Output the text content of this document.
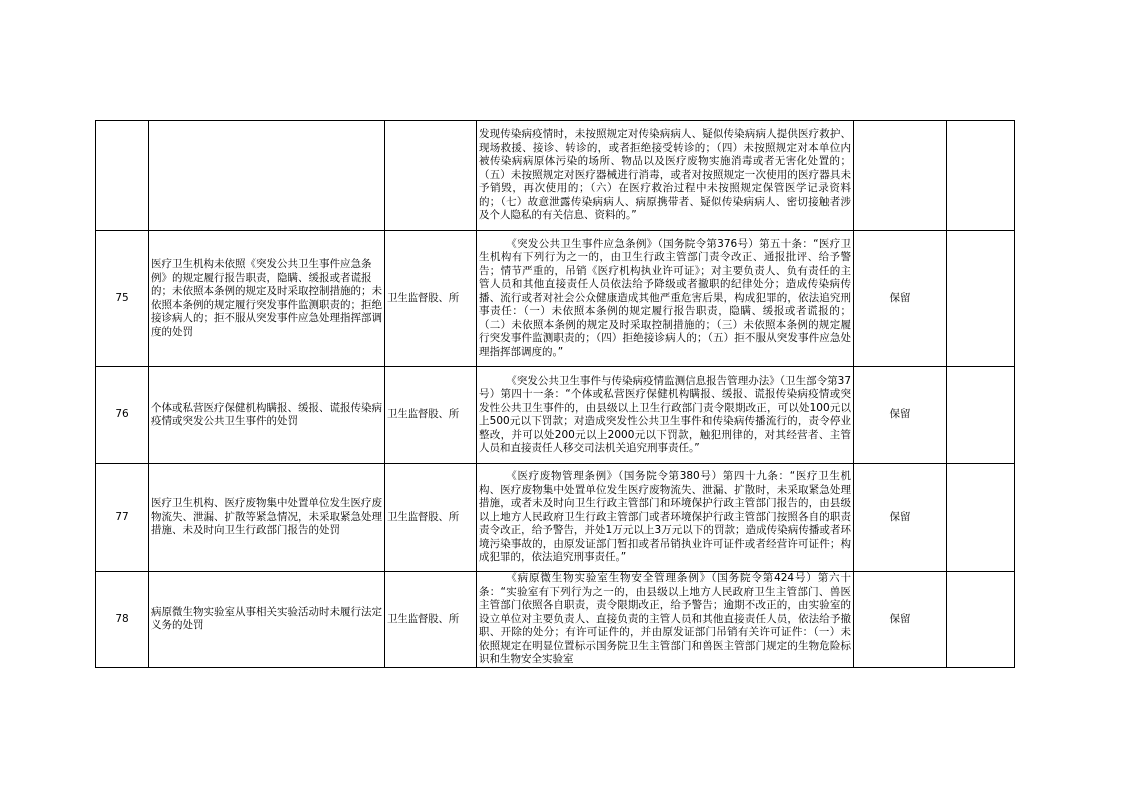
			发现传染病疫情时，未按照规定对传染病病人、疑似传染病病人提供医疗救护、现场救援、接诊、转诊的，或者拒绝接受转诊的；（四）未按照规定对本单位内被传染病病原体污染的场所、物品以及医疗废物实施消毒或者无害化处置的；（五）未按照规定对医疗器械进行消毒，或者对按照规定一次使用的医疗器具未予销毁，再次使用的；（六）在医疗救治过程中未按照规定保管医学记录资料的；（七）故意泄露传染病病人、病原携带者、疑似传染病病人、密切接触者涉及个人隐私的有关信息、资料的。”		

75	医疗卫生机构未依照《突发公共卫生事件应急条例》的规定履行报告职责，隐瞒、缓报或者谎报的；未依照本条例的规定及时采取控制措施的；未依照本条例的规定履行突发事件监测职责的；拒绝接诊病人的；拒不服从突发事件应急处理指挥部调度的处罚	卫生监督股、所	《突发公共卫生事件应急条例》（国务院令第376号）第五十条：“医疗卫生机构有下列行为之一的，由卫生行政主管部门责令改正、通报批评、给予警告；情节严重的，吊销《医疗机构执业许可证》；对主要负责人、负有责任的主管人员和其他直接责任人员依法给予降级或者撤职的纪律处分；造成传染病传播、流行或者对社会公众健康造成其他严重危害后果，构成犯罪的，依法追究刑事责任：（一）未依照本条例的规定履行报告职责，隐瞒、缓报或者谎报的；（二）未依照本条例的规定及时采取控制措施的；（三）未依照本条例的规定履行突发事件监测职责的；（四）拒绝接诊病人的；（五）拒不服从突发事件应急处理指挥部调度的。”	保留	
76	个体或私营医疗保健机构瞒报、缓报、谎报传染病疫情或突发公共卫生事件的处罚	卫生监督股、所	《突发公共卫生事件与传染病疫情监测信息报告管理办法》（卫生部令第37号）第四十一条：“个体或私营医疗保健机构瞒报、缓报、谎报传染病疫情或突发性公共卫生事件的，由县级以上卫生行政部门责令限期改正，可以处100元以上500元以下罚款；对造成突发性公共卫生事件和传染病传播流行的，责令停业整改，并可以处200元以上2000元以下罚款，触犯刑律的，对其经营者、主管人员和直接责任人移交司法机关追究刑事责任。”	保留	
77	医疗卫生机构、医疗废物集中处置单位发生医疗废物流失、泄漏、扩散等紧急情况，未采取紧急处理措施、未及时向卫生行政部门报告的处罚	卫生监督股、所	《医疗废物管理条例》（国务院令第380号）第四十九条：“医疗卫生机构、医疗废物集中处置单位发生医疗废物流失、泄漏、扩散时，未采取紧急处理措施，或者未及时向卫生行政主管部门和环境保护行政主管部门报告的，由县级以上地方人民政府卫生行政主管部门或者环境保护行政主管部门按照各自的职责责令改正，给予警告，并处1万元以上3万元以下的罚款；造成传染病传播或者环境污染事故的，由原发证部门暂扣或者吊销执业许可证件或者经营许可证件；构成犯罪的，依法追究刑事责任。”	保留	
78	病原微生物实验室从事相关实验活动时未履行法定义务的处罚	卫生监督股、所	《病原微生物实验室生物安全管理条例》（国务院令第424号）第六十条：“实验室有下列行为之一的，由县级以上地方人民政府卫生主管部门、兽医主管部门依照各自职责，责令限期改正，给予警告；逾期不改正的，由实验室的设立单位对主要负责人、直接负责的主管人员和其他直接责任人员，依法给予撤职、开除的处分；有许可证件的，并由原发证部门吊销有关许可证件：（一）未依照规定在明显位置标示国务院卫生主管部门和兽医主管部门规定的生物危险标识和生物安全实验室	保留	
